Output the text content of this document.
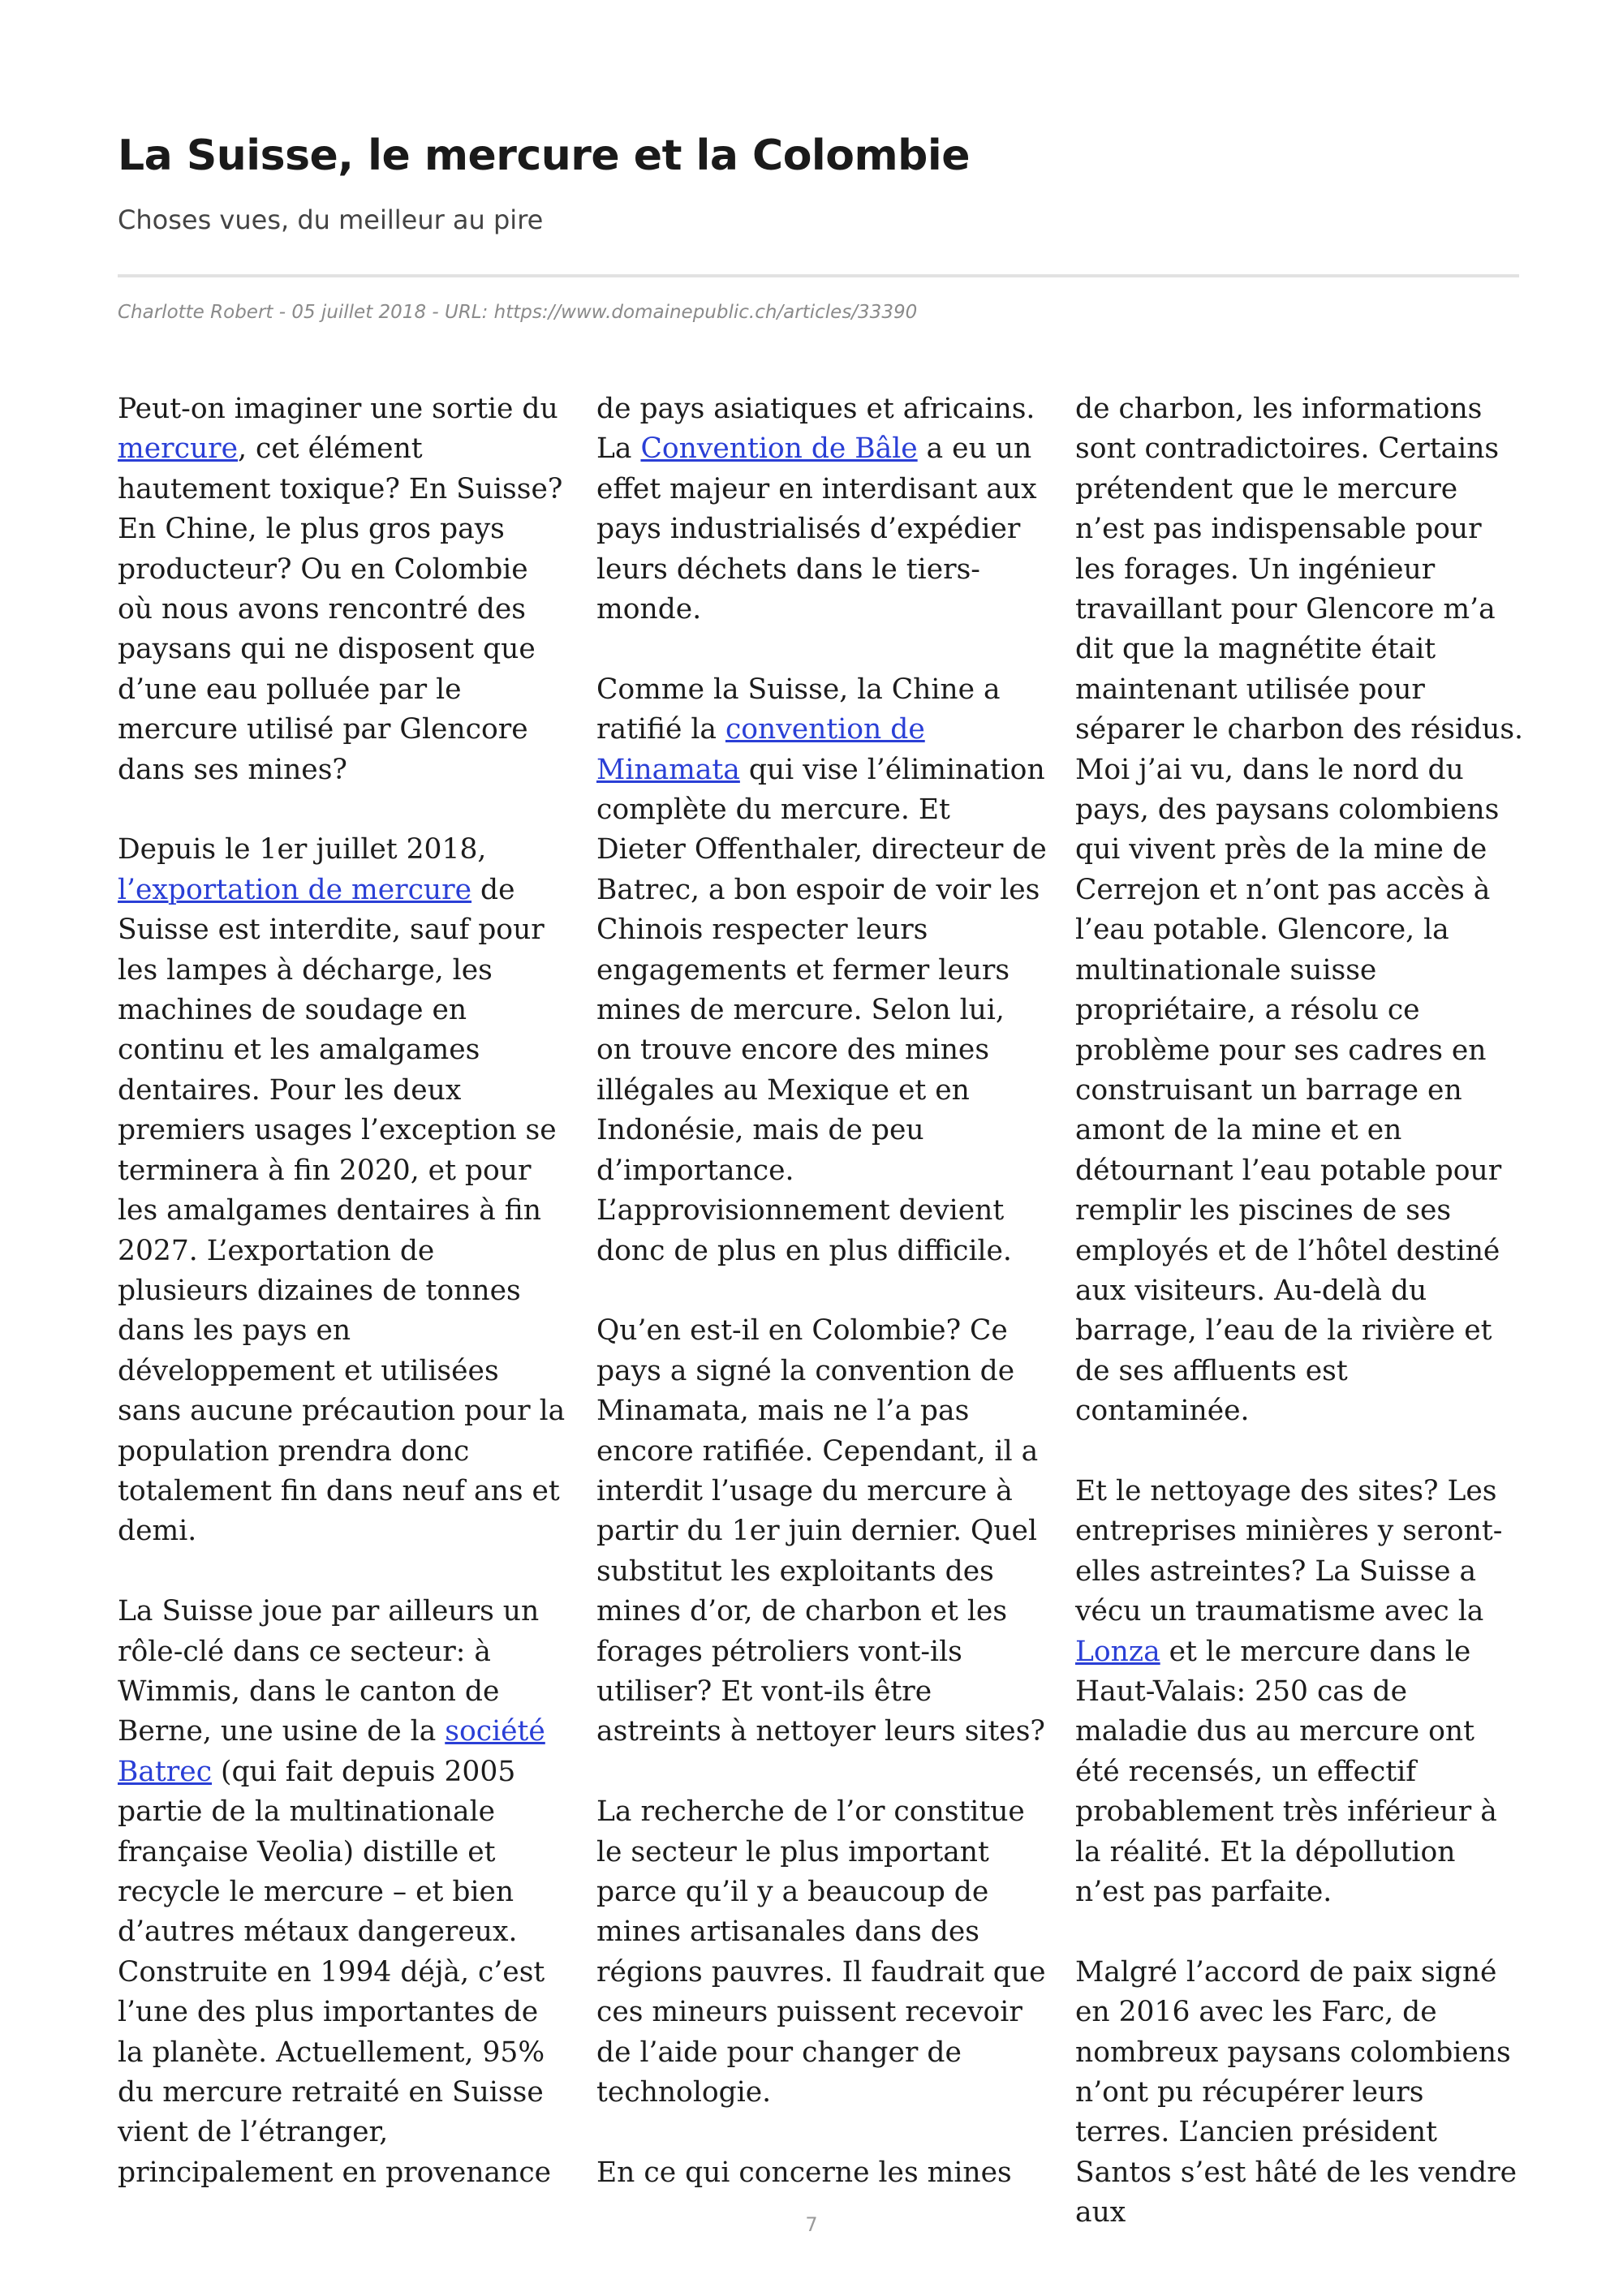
La Suisse, le mercure et la Colombie
Choses vues, du meilleur au pire
Charlotte Robert - 05 juillet 2018 - URL: https://www.domainepublic.ch/articles/33390

Peut-on imaginer une sortie du mercure, cet élément hautement toxique? En Suisse? En Chine, le plus gros pays producteur? Ou en Colombie où nous avons rencontré des paysans qui ne disposent que d’une eau polluée par le mercure utilisé par Glencore dans ses mines?

Depuis le 1er juillet 2018, l’exportation de mercure de Suisse est interdite, sauf pour les lampes à décharge, les machines de soudage en continu et les amalgames dentaires. Pour les deux premiers usages l’exception se terminera à fin 2020, et pour les amalgames dentaires à fin 2027. L’exportation de plusieurs dizaines de tonnes dans les pays en développement et utilisées sans aucune précaution pour la population prendra donc totalement fin dans neuf ans et demi.

La Suisse joue par ailleurs un rôle-clé dans ce secteur: à Wimmis, dans le canton de Berne, une usine de la société Batrec (qui fait depuis 2005 partie de la multinationale française Veolia) distille et recycle le mercure – et bien d’autres métaux dangereux. Construite en 1994 déjà, c’est l’une des plus importantes de la planète. Actuellement, 95% du mercure retraité en Suisse vient de l’étranger, principalement en provenance

de pays asiatiques et africains. La Convention de Bâle a eu un effet majeur en interdisant aux pays industrialisés d’expédier leurs déchets dans le tiers-monde.

Comme la Suisse, la Chine a ratifié la convention de Minamata qui vise l’élimination complète du mercure. Et Dieter Offenthaler, directeur de Batrec, a bon espoir de voir les Chinois respecter leurs engagements et fermer leurs mines de mercure. Selon lui, on trouve encore des mines illégales au Mexique et en Indonésie, mais de peu d’importance. L’approvisionnement devient donc de plus en plus difficile.

Qu’en est-il en Colombie? Ce pays a signé la convention de Minamata, mais ne l’a pas encore ratifiée. Cependant, il a interdit l’usage du mercure à partir du 1er juin dernier. Quel substitut les exploitants des mines d’or, de charbon et les forages pétroliers vont-ils utiliser? Et vont-ils être astreints à nettoyer leurs sites?

La recherche de l’or constitue le secteur le plus important parce qu’il y a beaucoup de mines artisanales dans des régions pauvres. Il faudrait que ces mineurs puissent recevoir de l’aide pour changer de technologie.

En ce qui concerne les mines

de charbon, les informations sont contradictoires. Certains prétendent que le mercure n’est pas indispensable pour les forages. Un ingénieur travaillant pour Glencore m’a dit que la magnétite était maintenant utilisée pour séparer le charbon des résidus. Moi j’ai vu, dans le nord du pays, des paysans colombiens qui vivent près de la mine de Cerrejon et n’ont pas accès à l’eau potable. Glencore, la multinationale suisse propriétaire, a résolu ce problème pour ses cadres en construisant un barrage en amont de la mine et en détournant l’eau potable pour remplir les piscines de ses employés et de l’hôtel destiné aux visiteurs. Au-delà du barrage, l’eau de la rivière et de ses affluents est contaminée.

Et le nettoyage des sites? Les entreprises minières y seront-elles astreintes? La Suisse a vécu un traumatisme avec la Lonza et le mercure dans le Haut-Valais: 250 cas de maladie dus au mercure ont été recensés, un effectif probablement très inférieur à la réalité. Et la dépollution n’est pas parfaite.

Malgré l’accord de paix signé en 2016 avec les Farc, de nombreux paysans colombiens n’ont pu récupérer leurs terres. L’ancien président Santos s’est hâté de les vendre aux

7
